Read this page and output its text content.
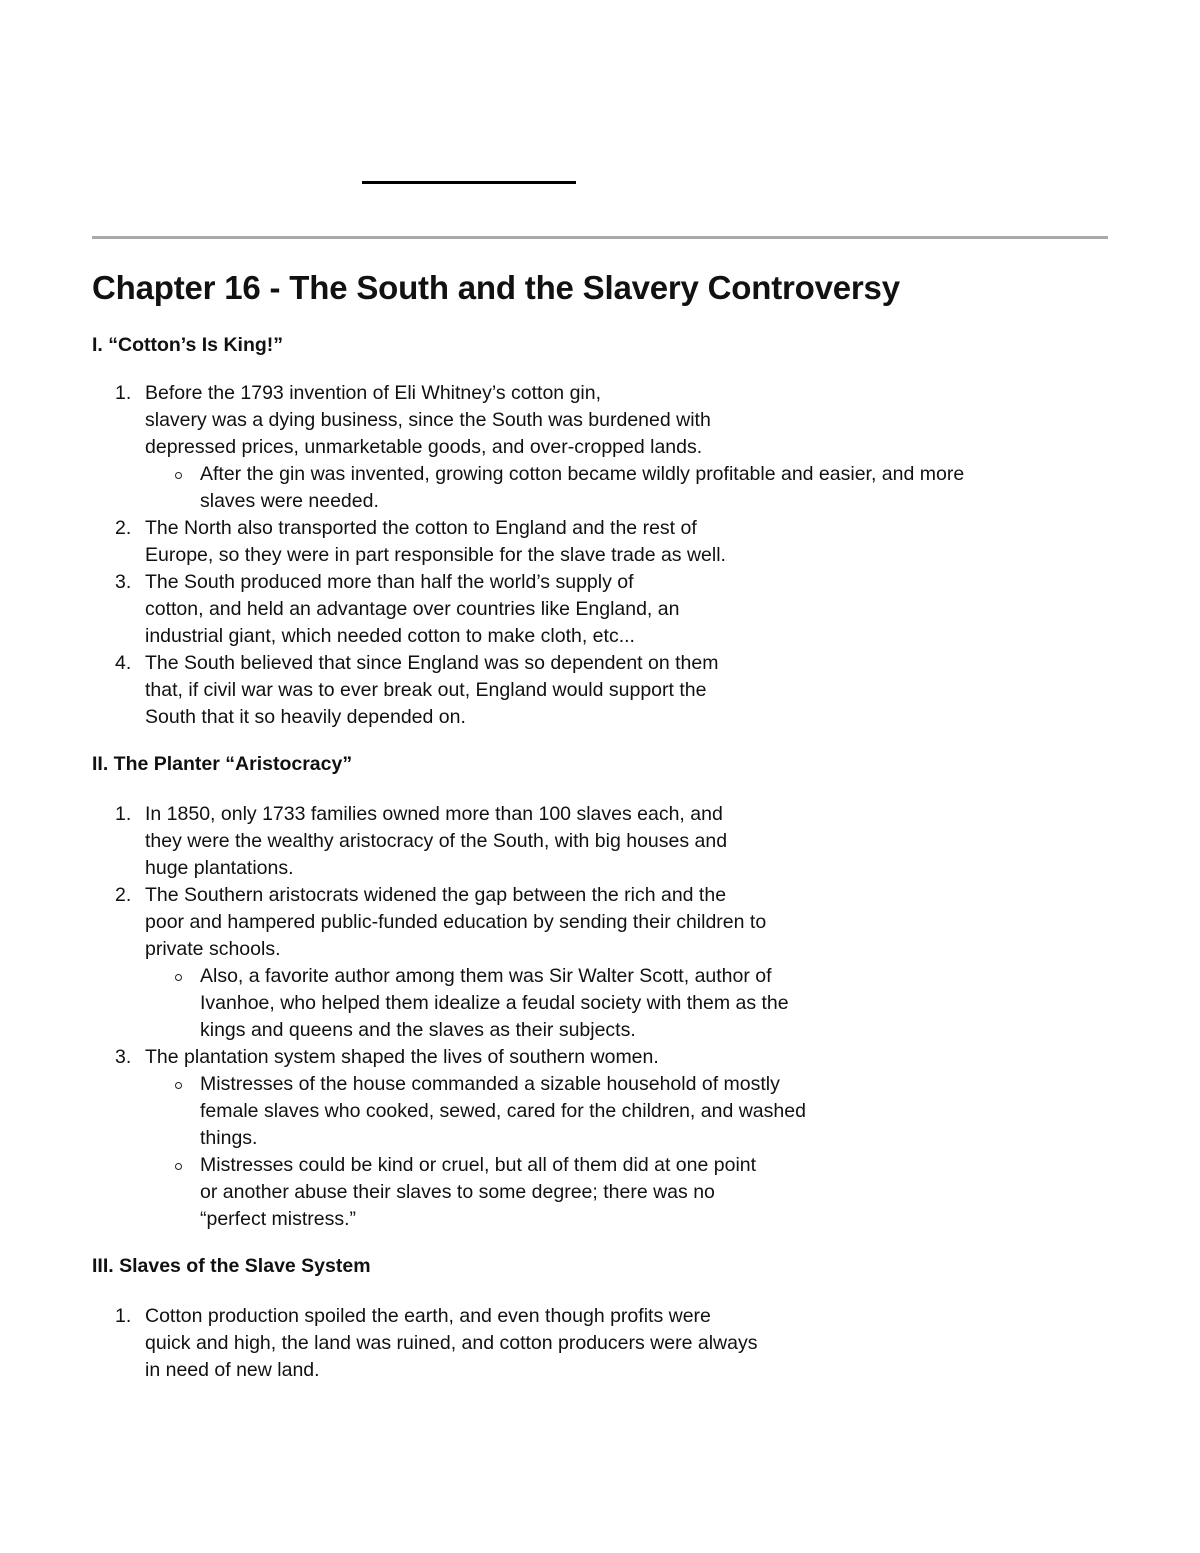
Chapter 16 - The South and the Slavery Controversy
I. “Cotton’s Is King!”
1. Before the 1793 invention of Eli Whitney’s cotton gin,
slavery was a dying business, since the South was burdened with
depressed prices, unmarketable goods, and over-cropped lands.
After the gin was invented, growing cotton became wildly profitable and easier, and more
slaves were needed.
2. The North also transported the cotton to England and the rest of
Europe, so they were in part responsible for the slave trade as well.
3. The South produced more than half the world’s supply of
cotton, and held an advantage over countries like England, an
industrial giant, which needed cotton to make cloth, etc...
4. The South believed that since England was so dependent on them
that, if civil war was to ever break out, England would support the
South that it so heavily depended on.
II. The Planter “Aristocracy”
1. In 1850, only 1733 families owned more than 100 slaves each, and
they were the wealthy aristocracy of the South, with big houses and
huge plantations.
2. The Southern aristocrats widened the gap between the rich and the
poor and hampered public-funded education by sending their children to
private schools.
Also, a favorite author among them was Sir Walter Scott, author of
Ivanhoe, who helped them idealize a feudal society with them as the
kings and queens and the slaves as their subjects.
3. The plantation system shaped the lives of southern women.
Mistresses of the house commanded a sizable household of mostly
female slaves who cooked, sewed, cared for the children, and washed
things.
Mistresses could be kind or cruel, but all of them did at one point
or another abuse their slaves to some degree; there was no
“perfect mistress.”
III. Slaves of the Slave System
1. Cotton production spoiled the earth, and even though profits were
quick and high, the land was ruined, and cotton producers were always
in need of new land.
